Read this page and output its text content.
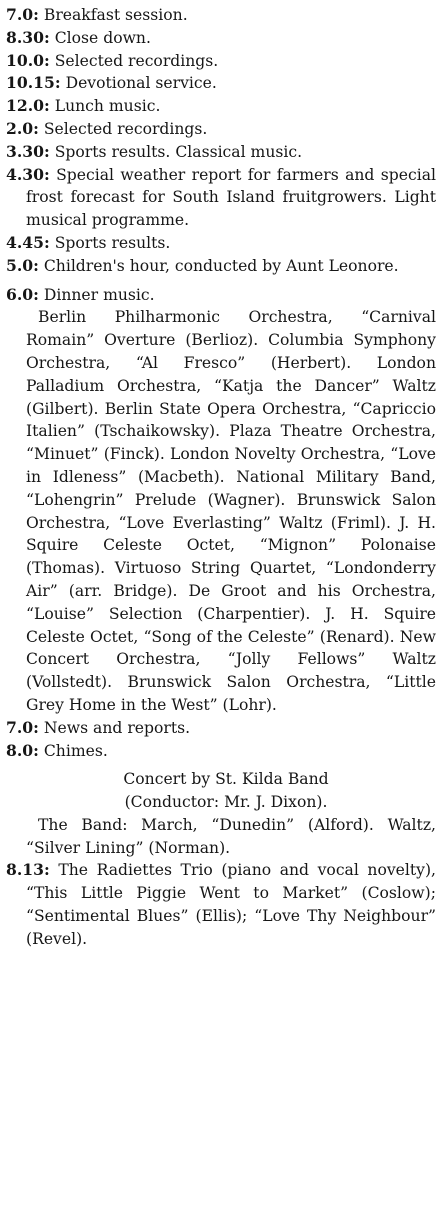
7.0: Breakfast session.

8.30: Close down.

10.0: Selected recordings.

10.15: Devotional service.

12.0: Lunch music.

2.0: Selected recordings.

3.30: Sports results. Classical music.

4.30: Special weather report for farmers and special frost forecast for South Island fruitgrowers. Light musical programme.

4.45: Sports results.

5.0: Children's hour, conducted by Aunt Leonore.

6.0: Dinner music.

Berlin Philharmonic Orchestra, “Carnival Romain” Overture (Berlioz). Columbia Symphony Orchestra, “Al Fresco” (Herbert). London Palladium Orchestra, “Katja the Dancer” Waltz (Gilbert). Berlin State Opera Orchestra, “Capriccio Italien” (Tschaikowsky). Plaza Theatre Orchestra, “Minuet” (Finck). London Novelty Orchestra, “Love in Idleness” (Macbeth). National Military Band, “Lohengrin” Prelude (Wagner). Brunswick Salon Orchestra, “Love Everlasting” Waltz (Friml). J. H. Squire Celeste Octet, “Mignon” Polonaise (Thomas). Virtuoso String Quartet, “Londonderry Air” (arr. Bridge). De Groot and his Orchestra, “Louise” Selection (Charpentier). J. H. Squire Celeste Octet, “Song of the Celeste” (Renard). New Concert Orchestra, “Jolly Fellows” Waltz (Vollstedt). Brunswick Salon Orchestra, “Little Grey Home in the West” (Lohr).

7.0: News and reports.

8.0: Chimes.

Concert by St. Kilda Band
(Conductor: Mr. J. Dixon).

The Band: March, “Dunedin” (Alford). Waltz, “Silver Lining” (Norman).

8.13: The Radiettes Trio (piano and vocal novelty), “This Little Piggie Went to Market” (Coslow); “Sentimental Blues” (Ellis); “Love Thy Neighbour” (Revel).
